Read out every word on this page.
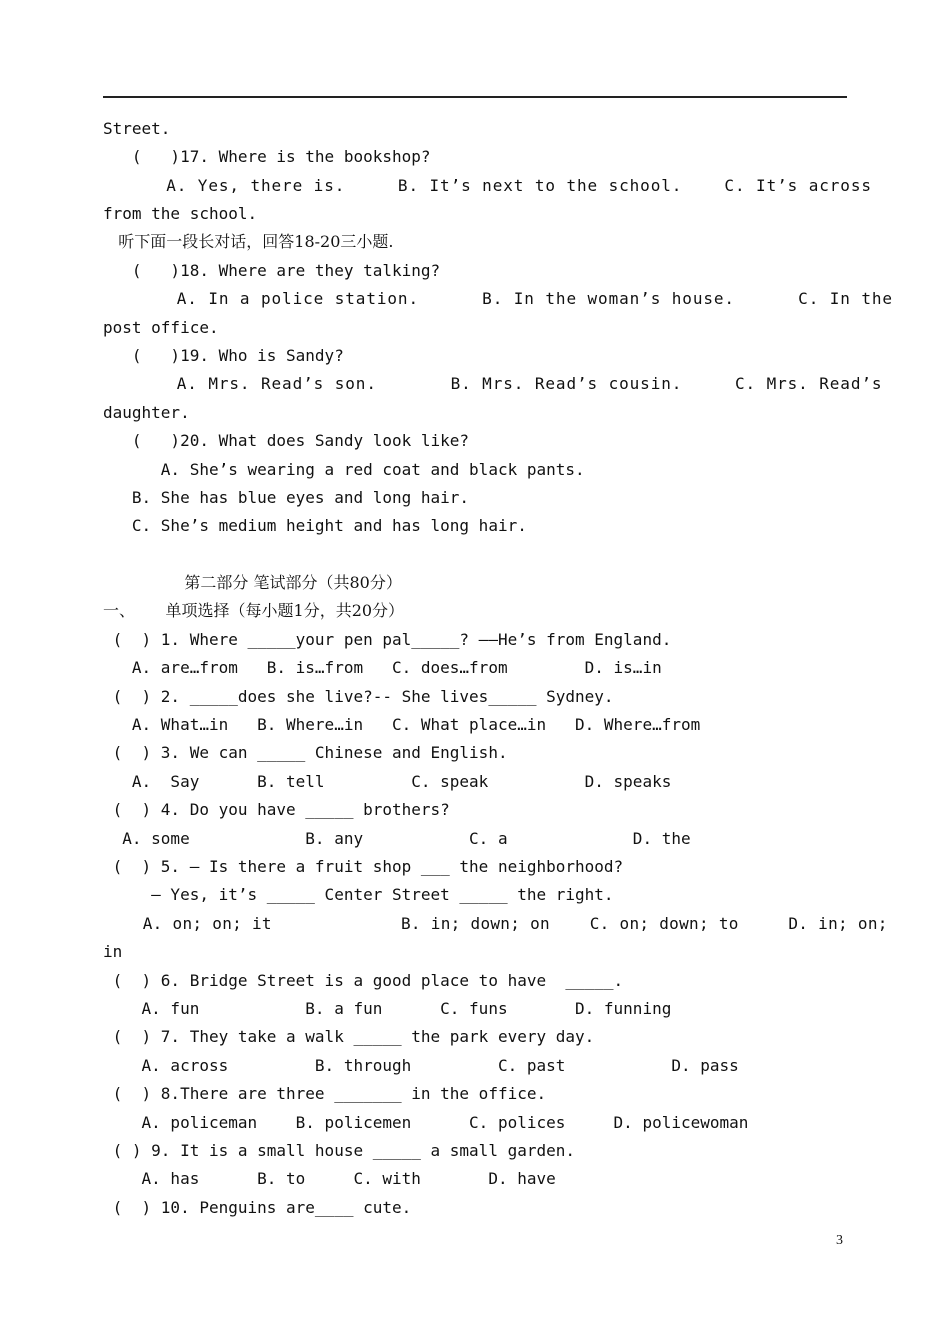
Street.
(   )17. Where is the bookshop?
A. Yes, there is.     B. It’s next to the school.    C. It’s across
from the school.
听下面一段长对话，回答18-20三小题.
(   )18. Where are they talking?
A. In a police station.      B. In the woman’s house.      C. In the
post office.
(   )19. Who is Sandy?
A. Mrs. Read’s son.       B. Mrs. Read’s cousin.     C. Mrs. Read’s
daughter.
(   )20. What does Sandy look like?
A. She’s wearing a red coat and black pants.
B. She has blue eyes and long hair.
C. She’s medium height and has long hair.
第二部分 笔试部分（共80分）
一、      单项选择（每小题1分，共20分）
(  ) 1. Where _____your pen pal_____? ——He’s from England.
A. are…from   B. is…from   C. does…from        D. is…in
(  ) 2. _____does she live?-- She lives_____ Sydney.
A. What…in   B. Where…in   C. What place…in   D. Where…from
(  ) 3. We can _____ Chinese and English.
A.  Say      B. tell         C. speak          D. speaks
(  ) 4. Do you have _____ brothers?
A. some            B. any           C. a             D. the
(  ) 5. — Is there a fruit shop ___ the neighborhood?
— Yes, it’s _____ Center Street _____ the right.
A. on; on; it             B. in; down; on    C. on; down; to     D. in; on;
in
(  ) 6. Bridge Street is a good place to have  _____.
A. fun           B. a fun      C. funs       D. funning
(  ) 7. They take a walk _____ the park every day.
A. across         B. through         C. past           D. pass
(  ) 8.There are three _______ in the office.
A. policeman    B. policemen      C. polices     D. policewoman
( ) 9. It is a small house _____ a small garden.
A. has      B. to     C. with       D. have
(  ) 10. Penguins are____ cute.
3
